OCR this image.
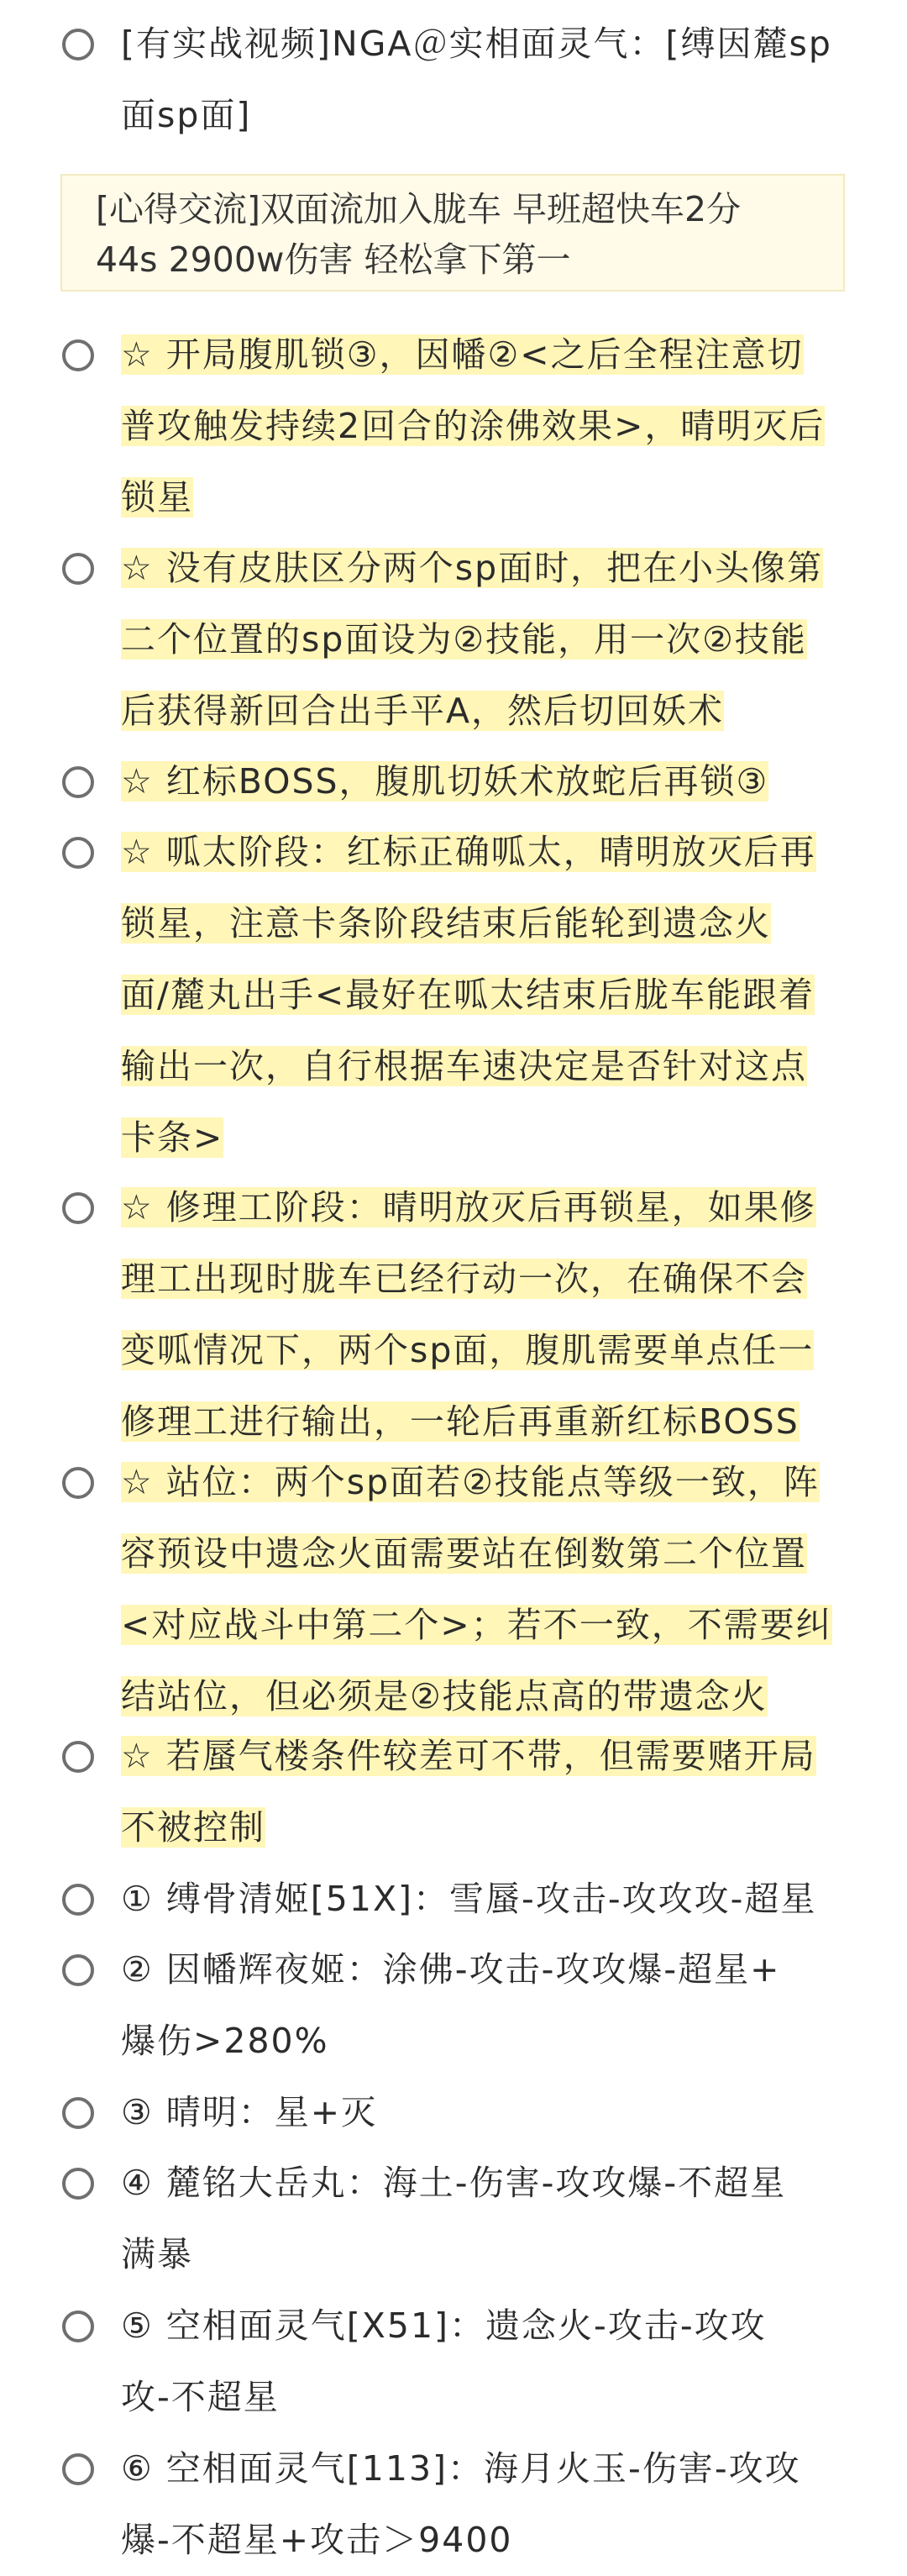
[心得交流]双面流加入胧车 早班超快车2分
44s 2900w伤害 轻松拿下第一
[有实战视频]NGA＠实相面灵气：[缚因麓sp
面sp面]
☆ 开局腹肌锁③，因幡②<之后全程注意切
普攻触发持续2回合的涂佛效果>，晴明灭后
锁星
☆ 没有皮肤区分两个sp面时，把在小头像第
二个位置的sp面设为②技能，用一次②技能
后获得新回合出手平A，然后切回妖术
☆ 红标BOSS，腹肌切妖术放蛇后再锁③
☆ 呱太阶段：红标正确呱太，晴明放灭后再
锁星，注意卡条阶段结束后能轮到遗念火
面/麓丸出手<最好在呱太结束后胧车能跟着
输出一次，自行根据车速决定是否针对这点
卡条>
☆ 修理工阶段：晴明放灭后再锁星，如果修
理工出现时胧车已经行动一次，在确保不会
变呱情况下，两个sp面，腹肌需要单点任一
修理工进行输出，一轮后再重新红标BOSS
☆ 站位：两个sp面若②技能点等级一致，阵
容预设中遗念火面需要站在倒数第二个位置
<对应战斗中第二个>；若不一致，不需要纠
结站位，但必须是②技能点高的带遗念火
☆ 若蜃气楼条件较差可不带，但需要赌开局
不被控制
① 缚骨清姬[51X]：雪蜃-攻击-攻攻攻-超星
② 因幡辉夜姬：涂佛-攻击-攻攻爆-超星+
爆伤>280%
③ 晴明：星+灭
④ 麓铭大岳丸：海土-伤害-攻攻爆-不超星
满暴
⑤ 空相面灵气[X51]：遗念火-攻击-攻攻
攻-不超星
⑥ 空相面灵气[113]：海月火玉-伤害-攻攻
爆-不超星+攻击＞9400
